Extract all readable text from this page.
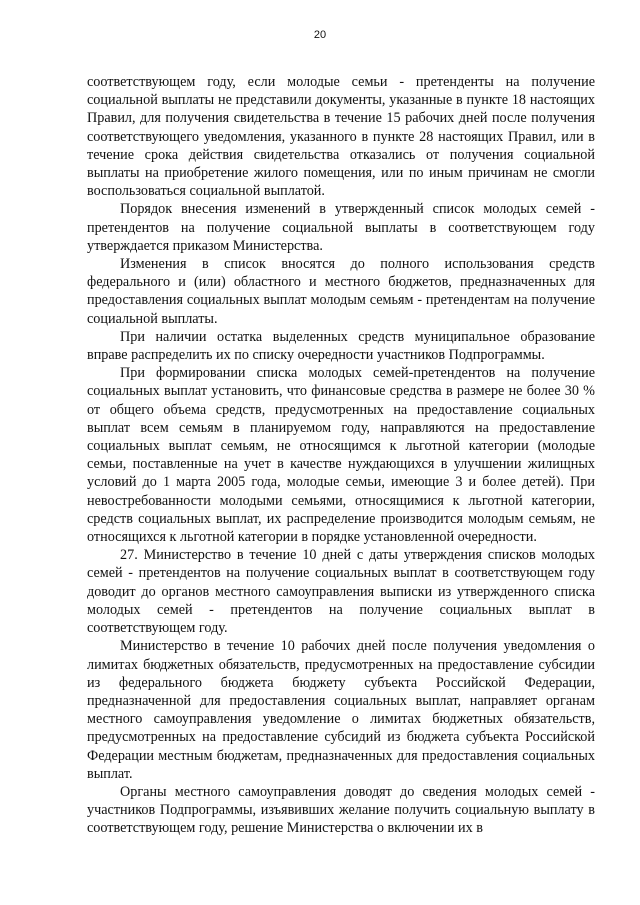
20

соответствующем году, если молодые семьи - претенденты на получение социальной выплаты не представили документы, указанные в пункте 18 настоящих Правил, для получения свидетельства в течение 15 рабочих дней после получения соответствующего уведомления, указанного в пункте 28 настоящих Правил, или в течение срока действия свидетельства отказались от получения социальной выплаты на приобретение жилого помещения, или по иным причинам не смогли воспользоваться социальной выплатой.

Порядок внесения изменений в утвержденный список молодых семей - претендентов на получение социальной выплаты в соответствующем году утверждается приказом Министерства.

Изменения в список вносятся до полного использования средств федерального и (или) областного и местного бюджетов, предназначенных для предоставления социальных выплат молодым семьям - претендентам на получение социальной выплаты.

При наличии остатка выделенных средств муниципальное образование вправе распределить их по списку очередности участников Подпрограммы.

При формировании списка молодых семей-претендентов на получение социальных выплат установить, что финансовые средства в размере не более 30 % от общего объема средств, предусмотренных на предоставление социальных выплат всем семьям в планируемом году, направляются на предоставление социальных выплат семьям, не относящимся к льготной категории (молодые семьи, поставленные на учет в качестве нуждающихся в улучшении жилищных условий до 1 марта 2005 года, молодые семьи, имеющие 3 и более детей). При невостребованности молодыми семьями, относящимися к льготной категории, средств социальных выплат, их распределение производится молодым семьям, не относящихся к льготной категории в порядке установленной очередности.

27. Министерство в течение 10 дней с даты утверждения списков молодых семей - претендентов на получение социальных выплат в соответствующем году доводит до органов местного самоуправления выписки из утвержденного списка молодых семей - претендентов на получение социальных выплат в соответствующем году.

Министерство в течение 10 рабочих дней после получения уведомления о лимитах бюджетных обязательств, предусмотренных на предоставление субсидии из федерального бюджета бюджету субъекта Российской Федерации, предназначенной для предоставления социальных выплат, направляет органам местного самоуправления уведомление о лимитах бюджетных обязательств, предусмотренных на предоставление субсидий из бюджета субъекта Российской Федерации местным бюджетам, предназначенных для предоставления социальных выплат.

Органы местного самоуправления доводят до сведения молодых семей - участников Подпрограммы, изъявивших желание получить социальную выплату в соответствующем году, решение Министерства о включении их в
